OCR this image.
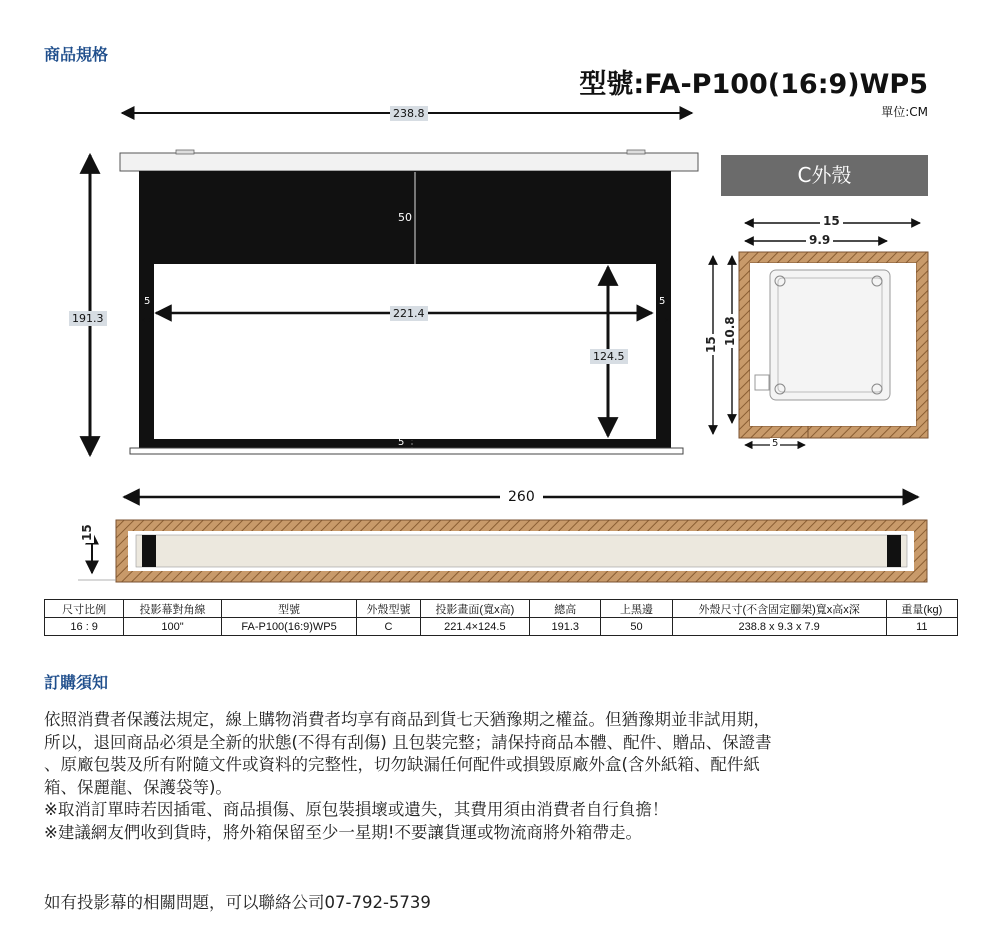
商品規格
型號:FA-P100(16:9)WP5
單位:CM
238.8
191.3
50
221.4
124.5
5	5
5
260
15
C外殼
15
9.9
15 10.8
5
尺寸比例	投影幕對角線	型號	外殼型號	投影畫面(寬x高)	總高	上黑邊	外殼尺寸(不含固定腳架)寬x高x深	重量(kg)
16 : 9	100"	FA-P100(16:9)WP5	C	221.4×124.5	191.3	50	238.8 x 9.3 x 7.9	11
訂購須知
依照消費者保護法規定，線上購物消費者均享有商品到貨七天猶豫期之權益。但猶豫期並非試用期，
所以，退回商品必須是全新的狀態(不得有刮傷) 且包裝完整；請保持商品本體、配件、贈品、保證書
、原廠包裝及所有附隨文件或資料的完整性，切勿缺漏任何配件或損毀原廠外盒(含外紙箱、配件紙
箱、保麗龍、保護袋等)。
※取消訂單時若因插電、商品損傷、原包裝損壞或遺失，其費用須由消費者自行負擔！
※建議網友們收到貨時，將外箱保留至少一星期!不要讓貨運或物流商將外箱帶走。
如有投影幕的相關問題，可以聯絡公司07-792-5739
